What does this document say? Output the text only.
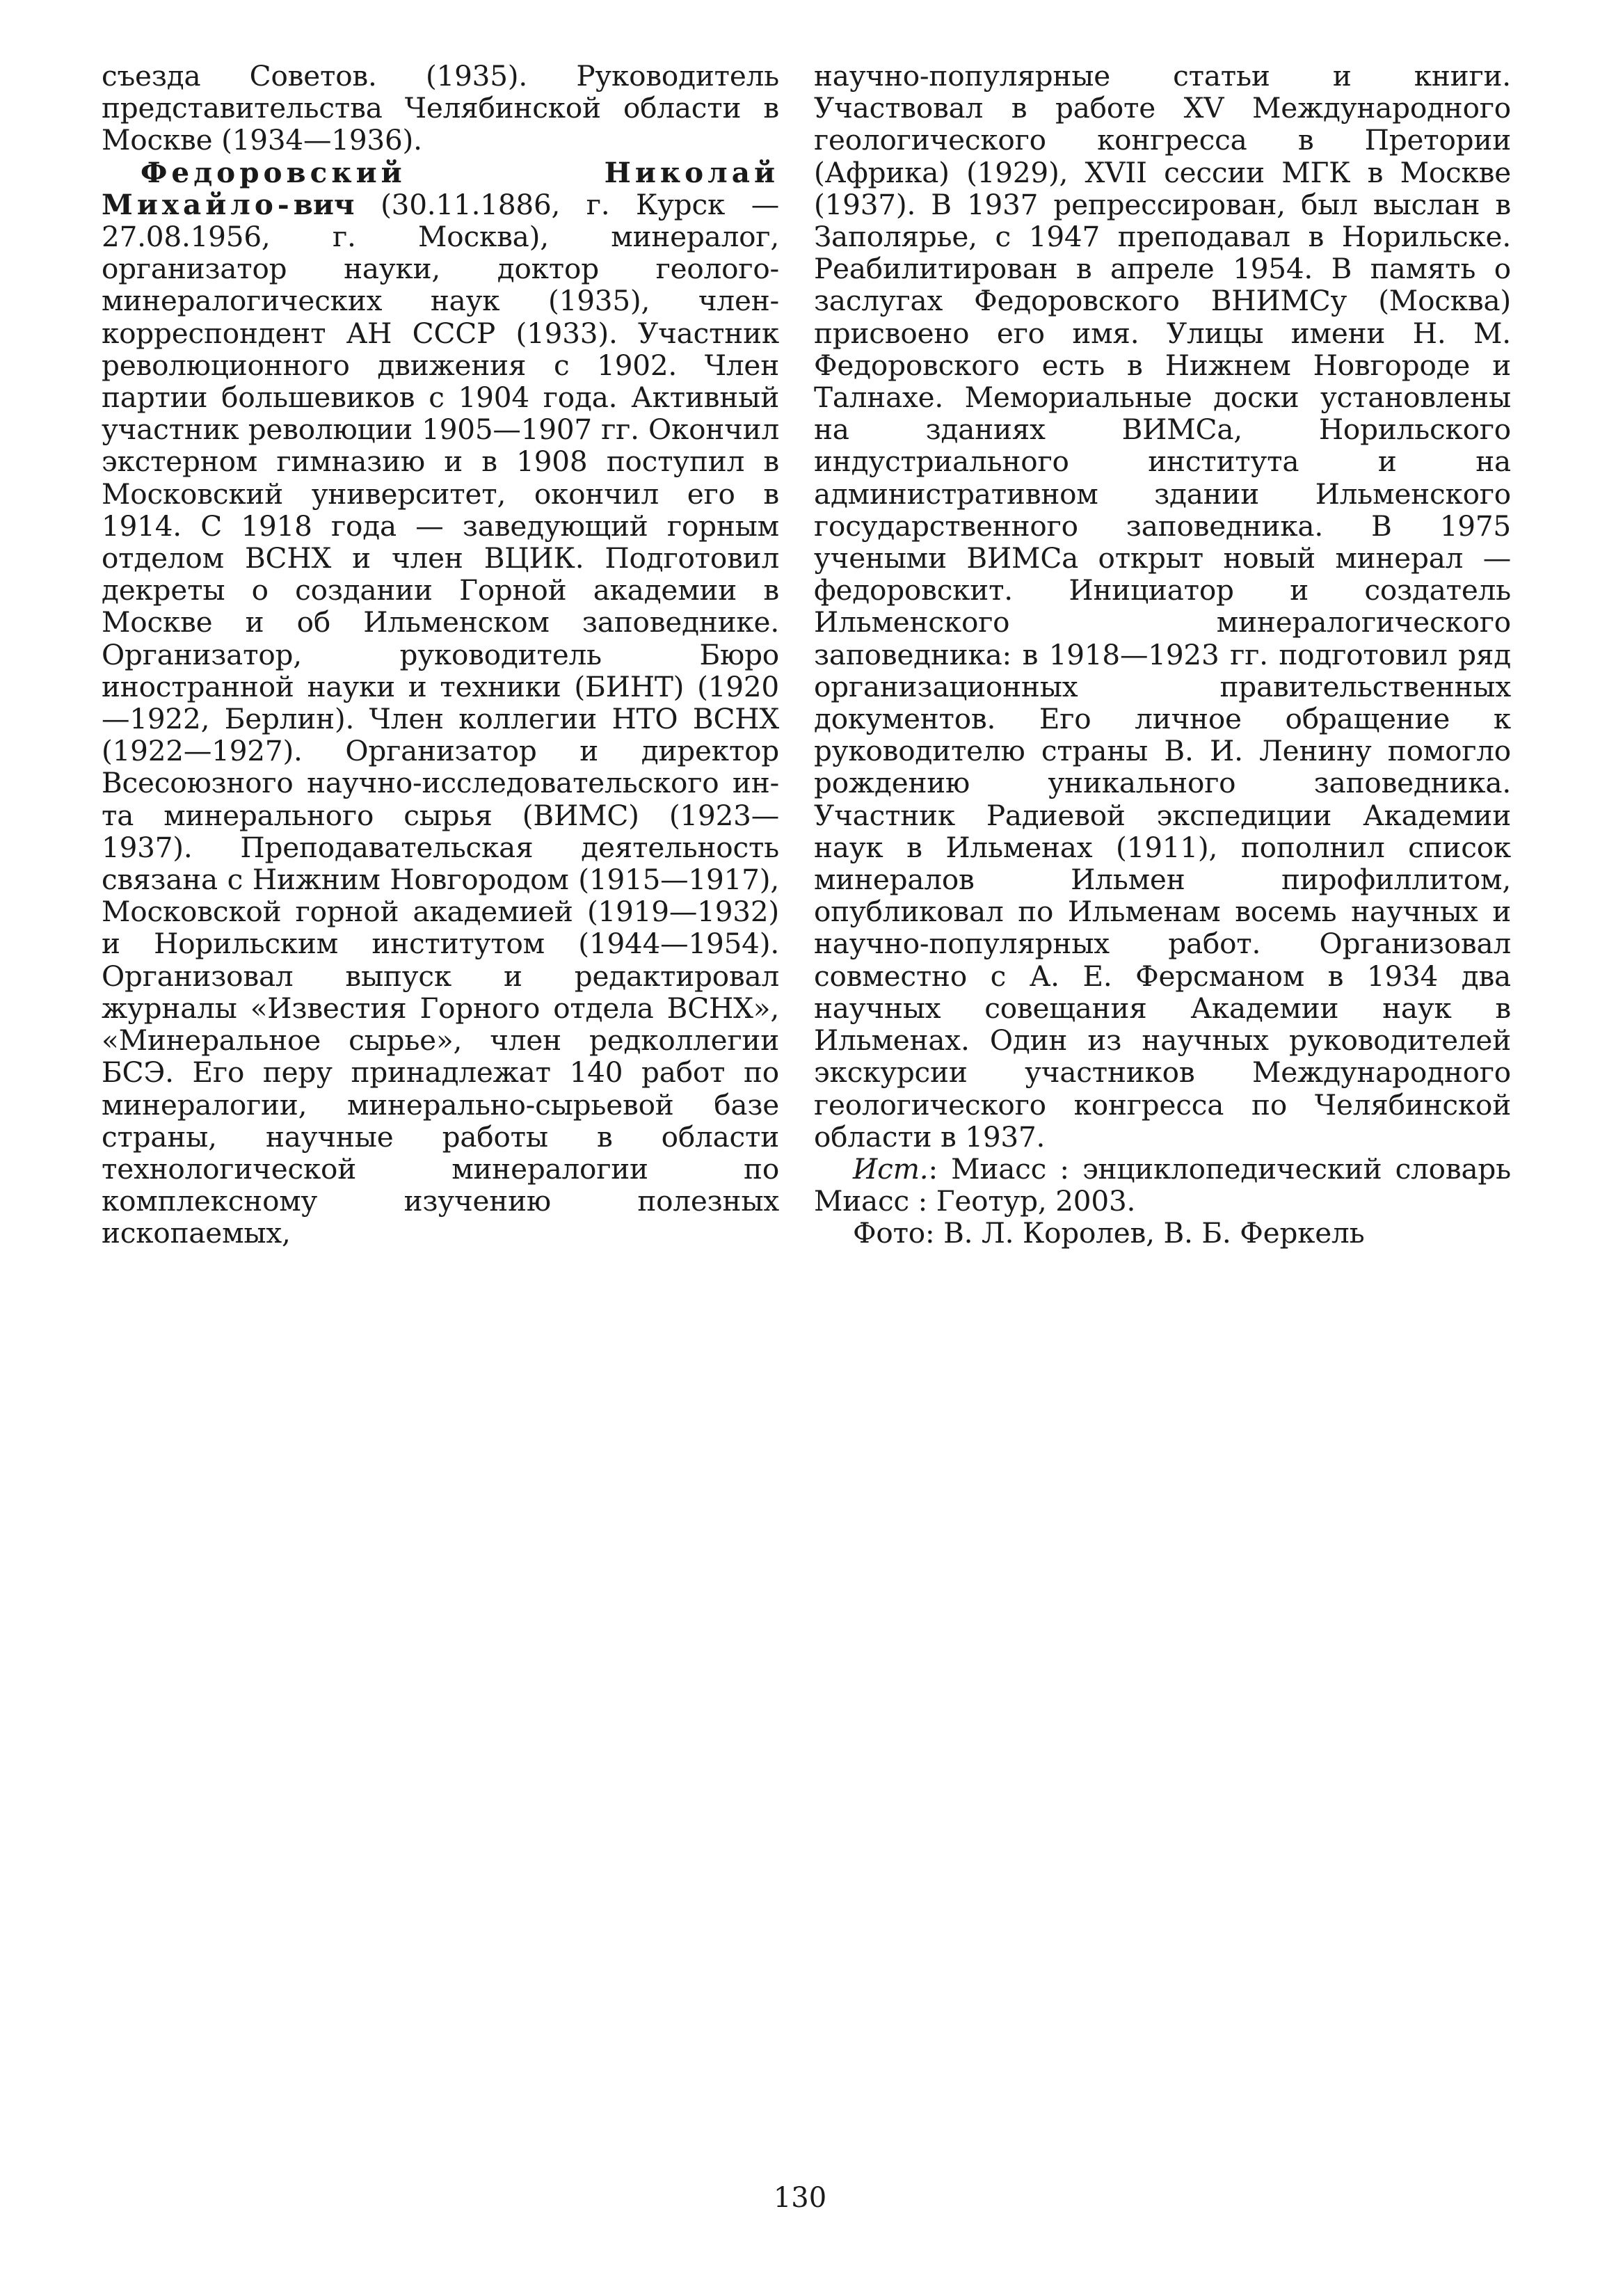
съезда Советов. (1935). Руководитель представительства Челябинской области в Москве (1934—1936).

Федоровский Николай Михайло-вич (30.11.1886, г. Курск — 27.08.1956, г. Москва), минералог, организатор науки, доктор геолого-минералогических наук (1935), член-корреспондент АН СССР (1933). Участник революционного движения с 1902. Член партии большевиков с 1904 года. Активный участник революции 1905—1907 гг. Окончил экстерном гимназию и в 1908 поступил в Московский университет, окончил его в 1914. С 1918 года — заведующий горным отделом ВСНХ и член ВЦИК. Подготовил декреты о создании Горной академии в Москве и об Ильменском заповеднике. Организатор, руководитель Бюро иностранной науки и техники (БИНТ) (1920—1922, Берлин). Член коллегии НТО ВСНХ (1922—1927). Организатор и директор Всесоюзного научно-исследовательского ин-та минерального сырья (ВИМС) (1923—1937). Преподавательская деятельность связана с Нижним Новгородом (1915—1917), Московской горной академией (1919—1932) и Норильским институтом (1944—1954). Организовал выпуск и редактировал журналы «Известия Горного отдела ВСНХ», «Минеральное сырье», член редколлегии БСЭ. Его перу принадлежат 140 работ по минералогии, минерально-сырьевой базе страны, научные работы в области технологической минералогии по комплексному изучению полезных ископаемых,

научно-популярные статьи и книги. Участвовал в работе XV Международного геологического конгресса в Претории (Африка) (1929), XVII сессии МГК в Москве (1937). В 1937 репрессирован, был выслан в Заполярье, с 1947 преподавал в Норильске. Реабилитирован в апреле 1954. В память о заслугах Федоровского ВНИМСу (Москва) присвоено его имя. Улицы имени Н. М. Федоровского есть в Нижнем Новгороде и Талнахе. Мемориальные доски установлены на зданиях ВИМСа, Норильского индустриального института и на административном здании Ильменского государственного заповедника. В 1975 учеными ВИМСа открыт новый минерал — федоровскит. Инициатор и создатель Ильменского минералогического заповедника: в 1918—1923 гг. подготовил ряд организационных правительственных документов. Его личное обращение к руководителю страны В. И. Ленину помогло рождению уникального заповедника. Участник Радиевой экспедиции Академии наук в Ильменах (1911), пополнил список минералов Ильмен пирофиллитом, опубликовал по Ильменам восемь научных и научно-популярных работ. Организовал совместно с А. Е. Ферсманом в 1934 два научных совещания Академии наук в Ильменах. Один из научных руководителей экскурсии участников Международного геологического конгресса по Челябинской области в 1937.

Ист.: Миасс : энциклопедический словарь Миасс : Геотур, 2003.

Фото: В. Л. Королев, В. Б. Феркель

130
